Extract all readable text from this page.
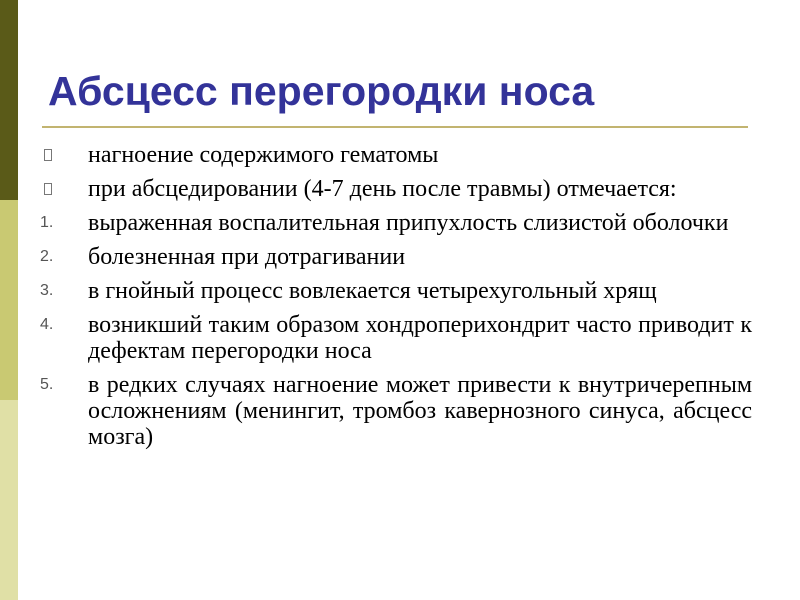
Абсцесс перегородки носа
нагноение содержимого гематомы
при абсцедировании (4-7 день после травмы) отмечается:
1. выраженная воспалительная припухлость слизистой оболочки
2. болезненная при дотрагивании
3. в гнойный процесс вовлекается четырехугольный хрящ
4. возникший таким образом хондроперихондрит часто приводит к дефектам перегородки носа
5. в редких случаях нагноение может привести к внутричерепным осложнениям (менингит, тромбоз кавернозного синуса, абсцесс мозга)
